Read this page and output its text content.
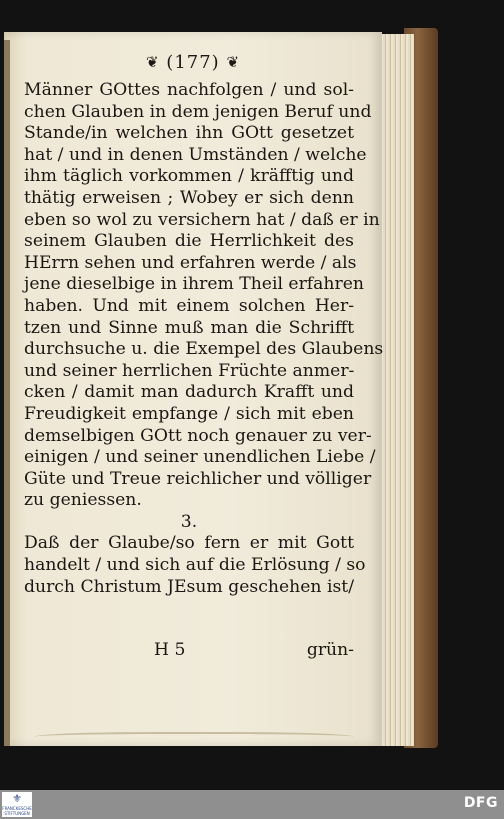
❦ (177) ❦
Männer GOttes nachfolgen / und sol-
chen Glauben in dem jenigen Beruf und
Stande/in welchen ihn GOtt gesetzet
hat / und in denen Umständen / welche
ihm täglich vorkommen / kräfftig und
thätig erweisen ; Wobey er sich denn
eben so wol zu versichern hat / daß er in
seinem Glauben die Herrlichkeit des
HErrn sehen und erfahren werde / als
jene dieselbige in ihrem Theil erfahren
haben. Und mit einem solchen Her-
tzen und Sinne muß man die Schrifft
durchsuche u. die Exempel des Glaubens
und seiner herrlichen Früchte anmer-
cken / damit man dadurch Krafft und
Freudigkeit empfange / sich mit eben
demselbigen GOtt noch genauer zu ver-
einigen / und seiner unendlichen Liebe /
Güte und Treue reichlicher und völliger
zu geniessen.
3.
Daß der Glaube/so fern er mit Gott
handelt / und sich auf die Erlösung / so
durch Christum JEsum geschehen ist/
H 5	grün-
⚜
FRANCKESCHE STIFTUNGEN
DFG
